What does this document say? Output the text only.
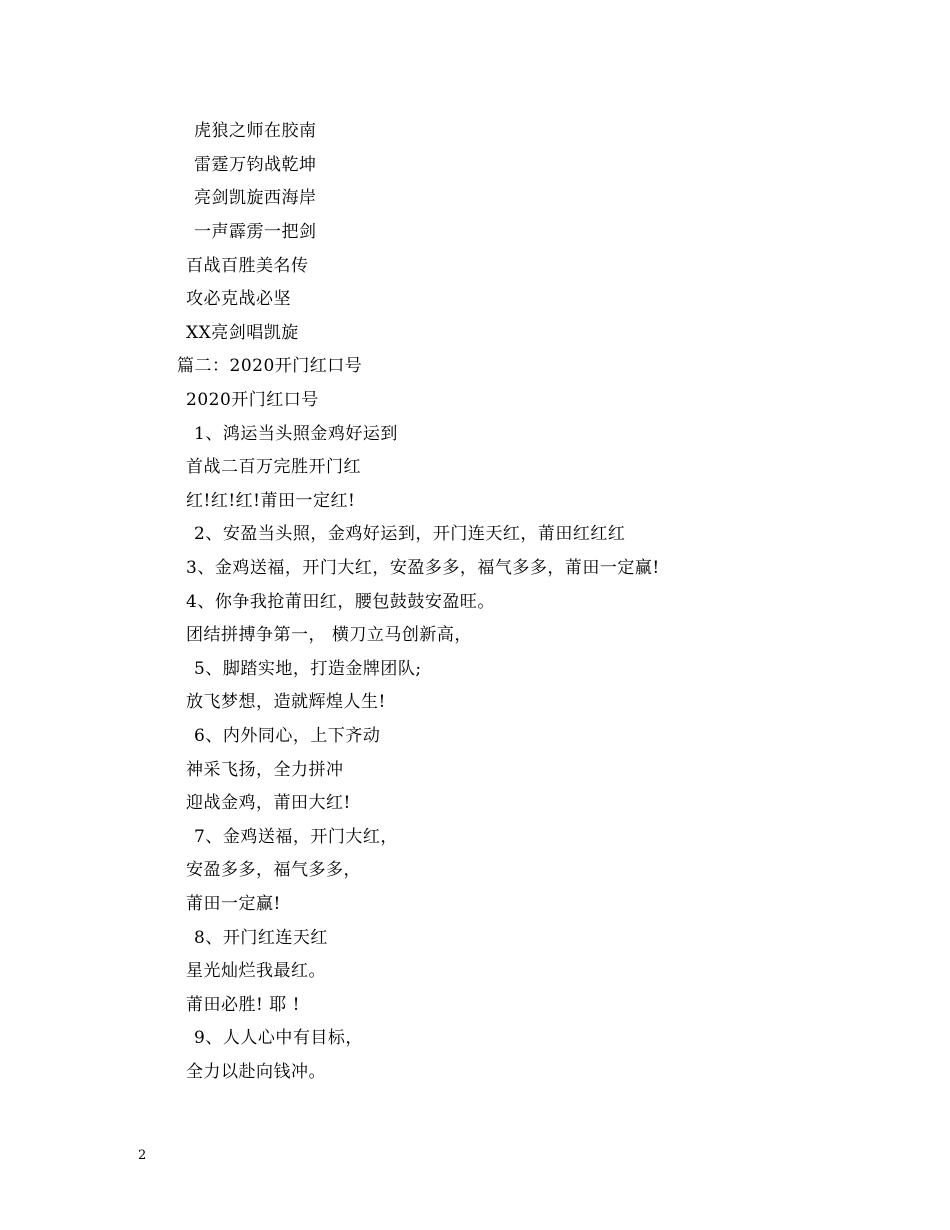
虎狼之师在胶南
雷霆万钧战乾坤
亮剑凯旋西海岸
一声霹雳一把剑
百战百胜美名传
攻必克战必坚
XX亮剑唱凯旋
篇二：2020开门红口号
2020开门红口号
1、鸿运当头照金鸡好运到
首战二百万完胜开门红
红!红!红!莆田一定红!
2、安盈当头照，金鸡好运到，开门连天红，莆田红红红
3、金鸡送福，开门大红，安盈多多，福气多多，莆田一定赢!
4、你争我抢莆田红，腰包鼓鼓安盈旺。
团结拼搏争第一， 横刀立马创新高，
5、脚踏实地，打造金牌团队;
放飞梦想，造就辉煌人生!
6、内外同心，上下齐动
神采飞扬，全力拼冲
迎战金鸡，莆田大红!
7、金鸡送福，开门大红，
安盈多多，福气多多，
莆田一定赢!
8、开门红连天红
星光灿烂我最红。
莆田必胜! 耶 !
9、人人心中有目标，
全力以赴向钱冲。
2
